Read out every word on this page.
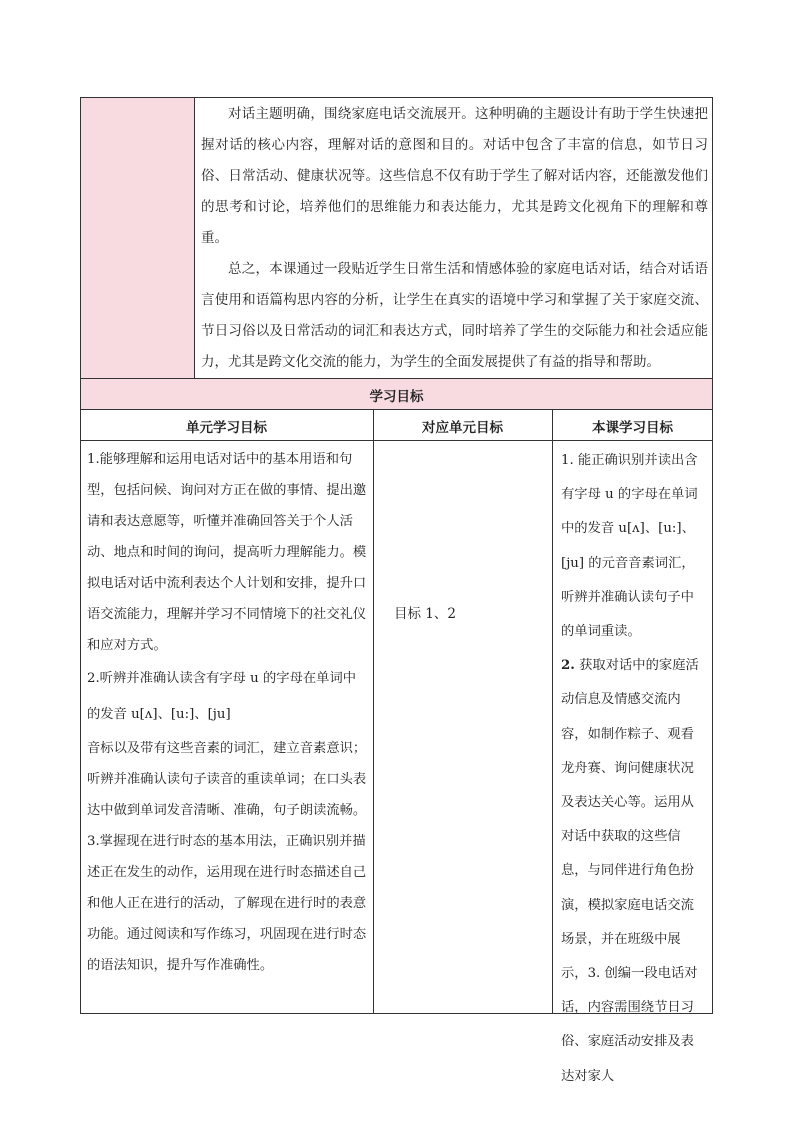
对话主题明确，围绕家庭电话交流展开。这种明确的主题设计有助于学生快速把握对话的核心内容，理解对话的意图和目的。对话中包含了丰富的信息，如节日习俗、日常活动、健康状况等。这些信息不仅有助于学生了解对话内容，还能激发他们的思考和讨论，培养他们的思维能力和表达能力，尤其是跨文化视角下的理解和尊重。
总之，本课通过一段贴近学生日常生活和情感体验的家庭电话对话，结合对话语言使用和语篇构思内容的分析，让学生在真实的语境中学习和掌握了关于家庭交流、节日习俗以及日常活动的词汇和表达方式，同时培养了学生的交际能力和社会适应能力，尤其是跨文化交流的能力，为学生的全面发展提供了有益的指导和帮助。
学习目标
单元学习目标	对应单元目标	本课学习目标

1.能够理解和运用电话对话中的基本用语和句型，包括问候、询问对方正在做的事情、提出邀请和表达意愿等，听懂并准确回答关于个人活动、地点和时间的询问，提高听力理解能力。模拟电话对话中流利表达个人计划和安排，提升口语交流能力，理解并学习不同情境下的社交礼仪和应对方式。

2.听辨并准确认读含有字母 u 的字母在单词中的发音 u[ʌ]、[u:]、[ju]

音标以及带有这些音素的词汇，建立音素意识；听辨并准确认读句子读音的重读单词；在口头表达中做到单词发音清晰、准确，句子朗读流畅。

3.掌握现在进行时态的基本用法，正确识别并描述正在发生的动作，运用现在进行时态描述自己和他人正在进行的活动，了解现在进行时的表意功能。通过阅读和写作练习，巩固现在进行时态的语法知识，提升写作准确性。

目标 1、2

1. 能正确识别并读出含有字母 u 的字母在单词中的发音 u[ʌ]、[u:]、[ju] 的元音音素词汇，听辨并准确认读句子中的单词重读。

2. 获取对话中的家庭活动信息及情感交流内容，如制作粽子、观看龙舟赛、询问健康状况及表达关心等。运用从对话中获取的这些信息，与同伴进行角色扮演，模拟家庭电话交流场景，并在班级中展示，3. 创编一段电话对话，内容需围绕节日习俗、家庭活动安排及表达对家人
